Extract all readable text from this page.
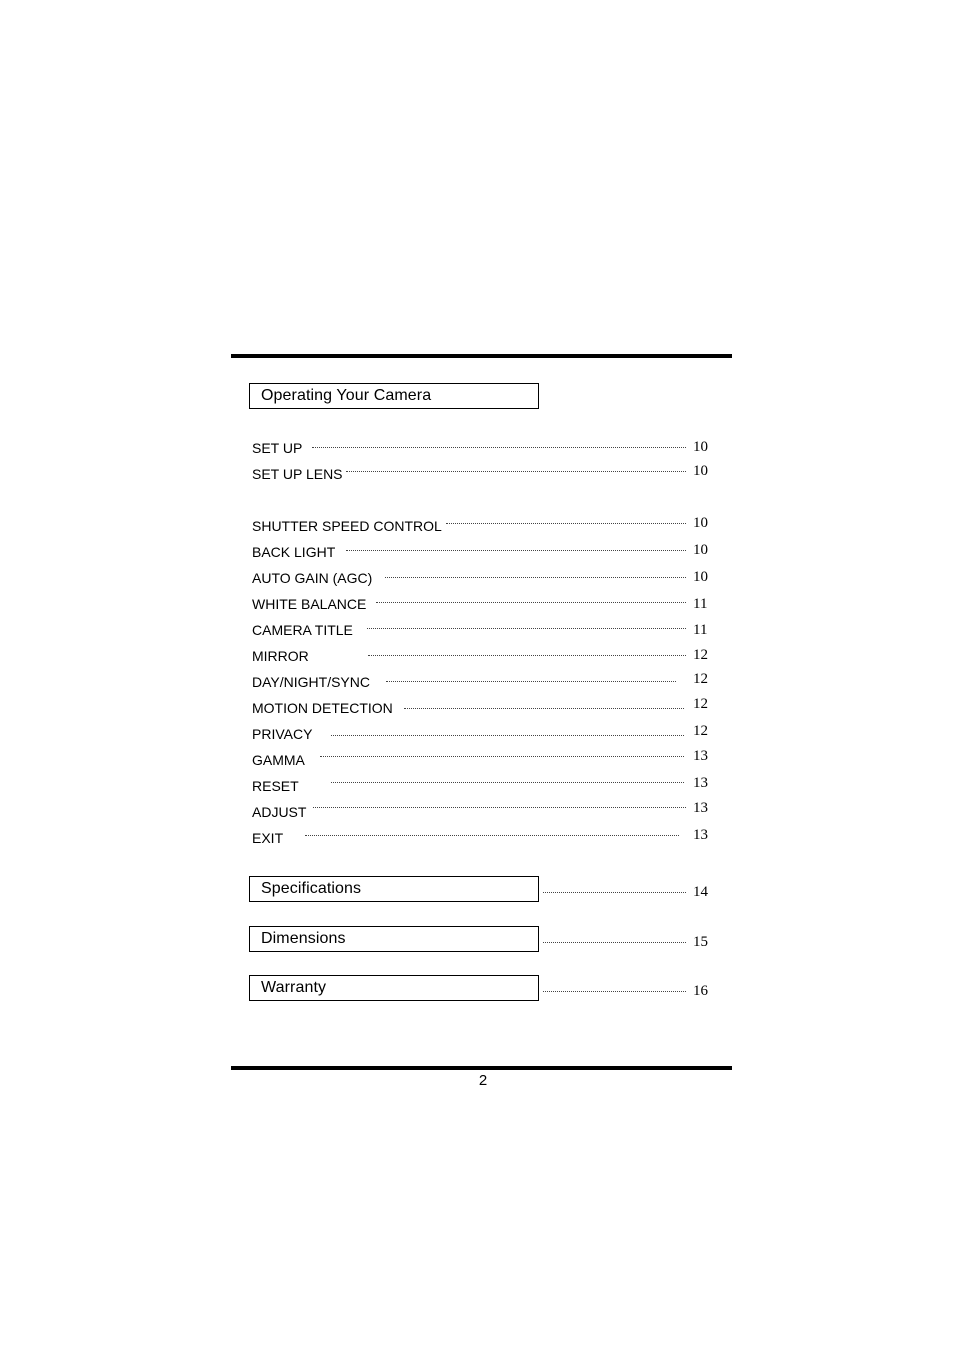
Operating Your Camera
SET UP	10
SET UP LENS	10
SHUTTER SPEED CONTROL	10
BACK LIGHT	10
AUTO GAIN (AGC)	10
WHITE BALANCE	11
CAMERA TITLE	11
MIRROR	12
DAY/NIGHT/SYNC	12
MOTION DETECTION	12
PRIVACY	12
GAMMA	13
RESET	13
ADJUST	13
EXIT	13
Specifications	14
Dimensions	15
Warranty	16
2
